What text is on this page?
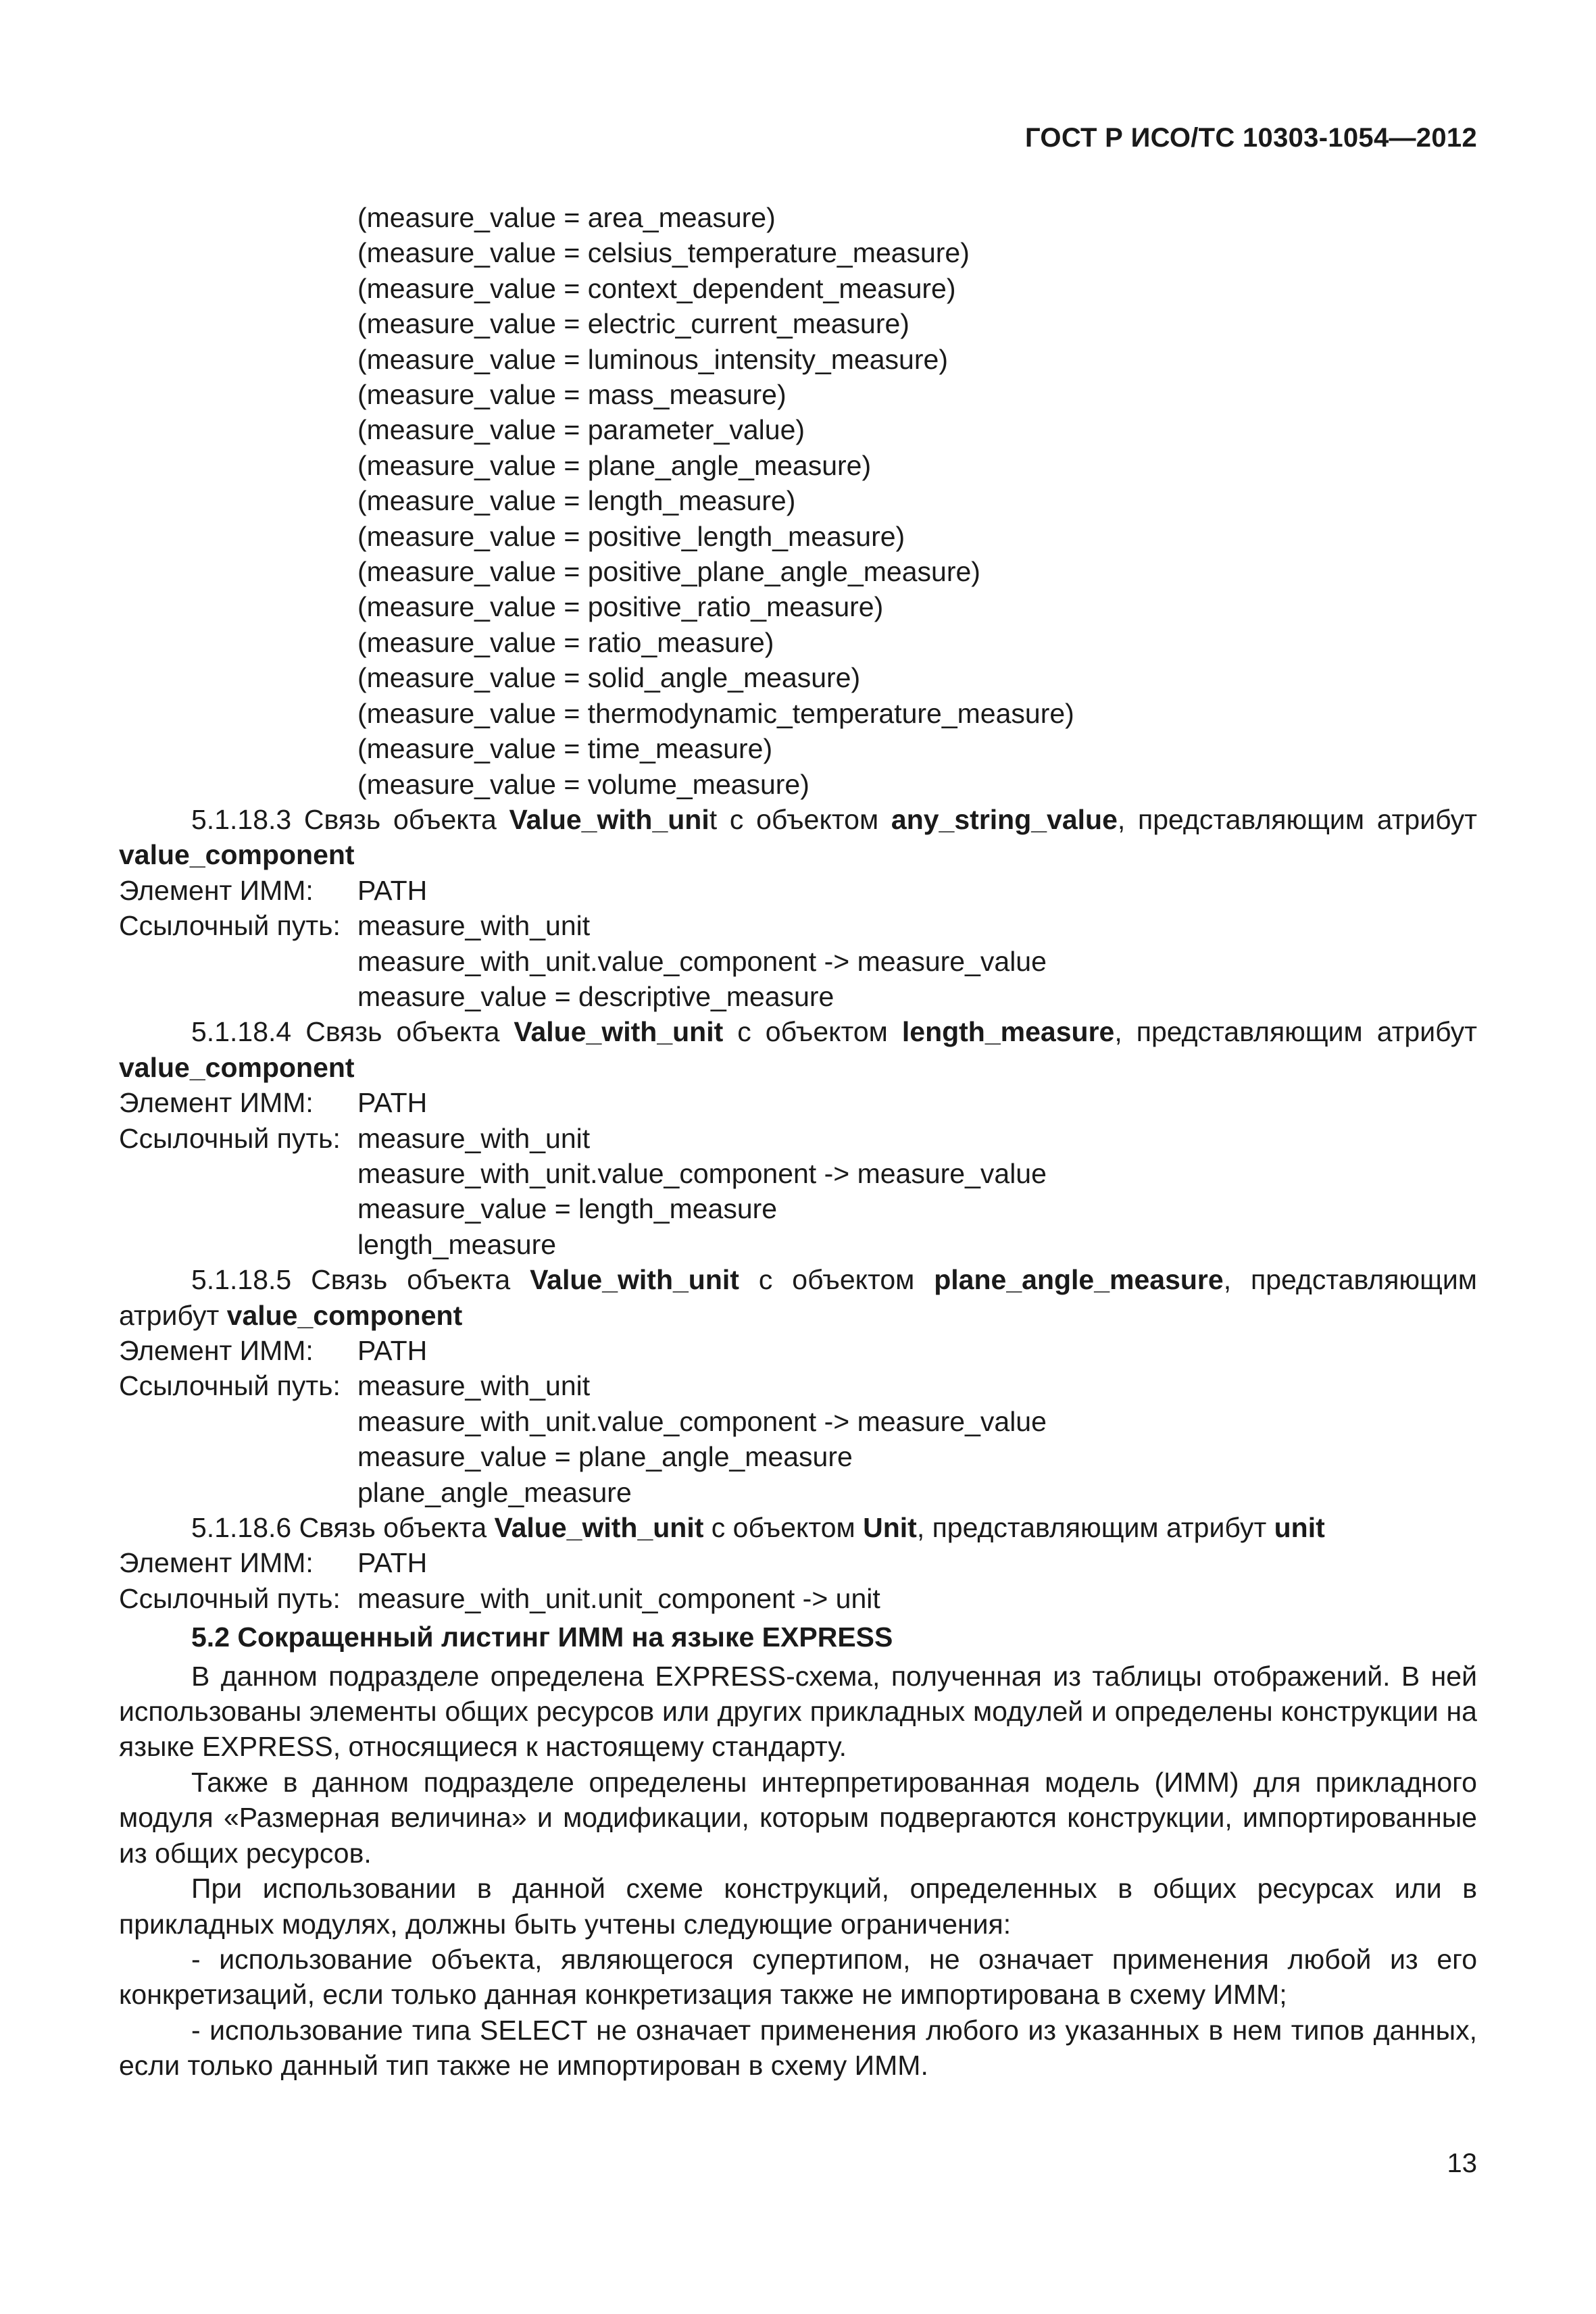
ГОСТ Р ИСО/ТС 10303-1054—2012
(measure_value = area_measure)
(measure_value = celsius_temperature_measure)
(measure_value = context_dependent_measure)
(measure_value = electric_current_measure)
(measure_value = luminous_intensity_measure)
(measure_value = mass_measure)
(measure_value = parameter_value)
(measure_value = plane_angle_measure)
(measure_value = length_measure)
(measure_value = positive_length_measure)
(measure_value = positive_plane_angle_measure)
(measure_value = positive_ratio_measure)
(measure_value = ratio_measure)
(measure_value = solid_angle_measure)
(measure_value = thermodynamic_temperature_measure)
(measure_value = time_measure)
(measure_value = volume_measure)
5.1.18.3 Связь объекта Value_with_unit с объектом any_string_value, представляющим атрибут value_component
Элемент ИММ:	PATH
Ссылочный путь: measure_with_unit
measure_with_unit.value_component -> measure_value
measure_value = descriptive_measure
5.1.18.4 Связь объекта Value_with_unit с объектом length_measure, представляющим атрибут value_component
Элемент ИММ:	PATH
Ссылочный путь: measure_with_unit
measure_with_unit.value_component -> measure_value
measure_value = length_measure
length_measure
5.1.18.5 Связь объекта Value_with_unit с объектом plane_angle_measure, представляющим атрибут value_component
Элемент ИММ:	PATH
Ссылочный путь: measure_with_unit
measure_with_unit.value_component -> measure_value
measure_value = plane_angle_measure
plane_angle_measure
5.1.18.6 Связь объекта Value_with_unit с объектом Unit, представляющим атрибут unit
Элемент ИММ:	PATH
Ссылочный путь: measure_with_unit.unit_component -> unit
5.2 Сокращенный листинг ИММ на языке EXPRESS
В данном подразделе определена EXPRESS-схема, полученная из таблицы отображений. В ней использованы элементы общих ресурсов или других прикладных модулей и определены конструкции на языке EXPRESS, относящиеся к настоящему стандарту.
Также в данном подразделе определены интерпретированная модель (ИММ) для прикладного модуля «Размерная величина» и модификации, которым подвергаются конструкции, импортированные из общих ресурсов.
При использовании в данной схеме конструкций, определенных в общих ресурсах или в прикладных модулях, должны быть учтены следующие ограничения:
- использование объекта, являющегося супертипом, не означает применения любой из его конкретизаций, если только данная конкретизация также не импортирована в схему ИММ;
- использование типа SELECT не означает применения любого из указанных в нем типов данных, если только данный тип также не импортирован в схему ИММ.
13
